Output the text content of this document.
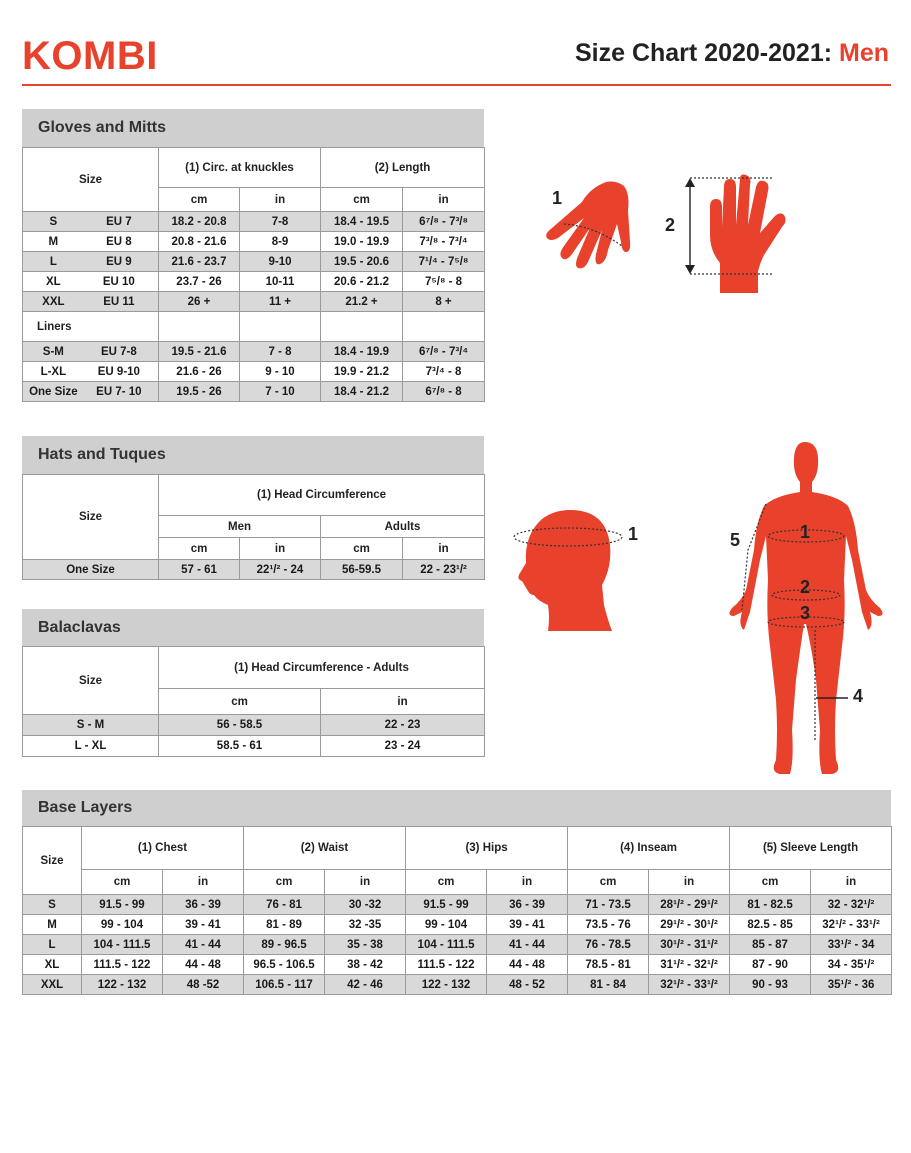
KOMBI	Size Chart 2020-2021: Men
Gloves and Mitts
Size	(1) Circ. at knuckles		(2) Length	
	cm	in	cm	in

S EU 7	18.2 - 20.8	7-8	18.4 - 19.5	6⁷/⁸ - 7³/⁸

M EU 8	20.8 - 21.6	8-9	19.0 - 19.9	7³/⁸ - 7³/⁴

L EU 9	21.6 - 23.7	9-10	19.5 - 20.6	7¹/⁴ - 7⁵/⁸

XL EU 10	23.7 - 26	10-11	20.6 - 21.2	7⁵/⁸ - 8

XXL EU 11	26 +	11 +	21.2 +	8 +
Liners				

S-M EU 7-8	19.5 - 21.6	7 - 8	18.4 - 19.9	6⁷/⁸ - 7³/⁴

L-XL EU 9-10	21.6 - 26	9 - 10	19.9 - 21.2	7³/⁴ - 8

One Size EU 7- 10	19.5 - 26	7 - 10	18.4 - 21.2	6⁷/⁸ - 8
1
2
Hats and Tuques
Size	(1) Head Circumference			
	Men		Adults	
	cm	in	cm	in
One Size	57 - 61	22¹/² - 24	56-59.5	22 - 23¹/²
1
Balaclavas
Size	(1) Head Circumference - Adults	
	cm	in
S - M	56 - 58.5	22 - 23
L - XL	58.5 - 61	23 - 24
1
2
3
4
5
Base Layers
Size	(1) Chest		(2) Waist		(3) Hips		(4) Inseam		(5) Sleeve Length	
	cm	in	cm	in	cm	in	cm	in	cm	in
S	91.5 - 99	36 - 39	76 - 81	30 -32	91.5 - 99	36 - 39	71 - 73.5	28¹/² - 29¹/²	81 - 82.5	32 - 32¹/²
M	99 - 104	39 - 41	81 - 89	32 -35	99 - 104	39 - 41	73.5 - 76	29¹/² - 30¹/²	82.5 - 85	32¹/² - 33¹/²
L	104 - 111.5	41 - 44	89 - 96.5	35 - 38	104 - 111.5	41 - 44	76 - 78.5	30¹/² - 31¹/²	85 - 87	33¹/² - 34
XL	111.5 - 122	44 - 48	96.5 - 106.5	38 - 42	111.5 - 122	44 - 48	78.5 - 81	31¹/² - 32¹/²	87 - 90	34 - 35¹/²
XXL	122 - 132	48 -52	106.5 - 117	42 - 46	122 - 132	48 - 52	81 - 84	32¹/² - 33¹/²	90 - 93	35¹/² - 36
